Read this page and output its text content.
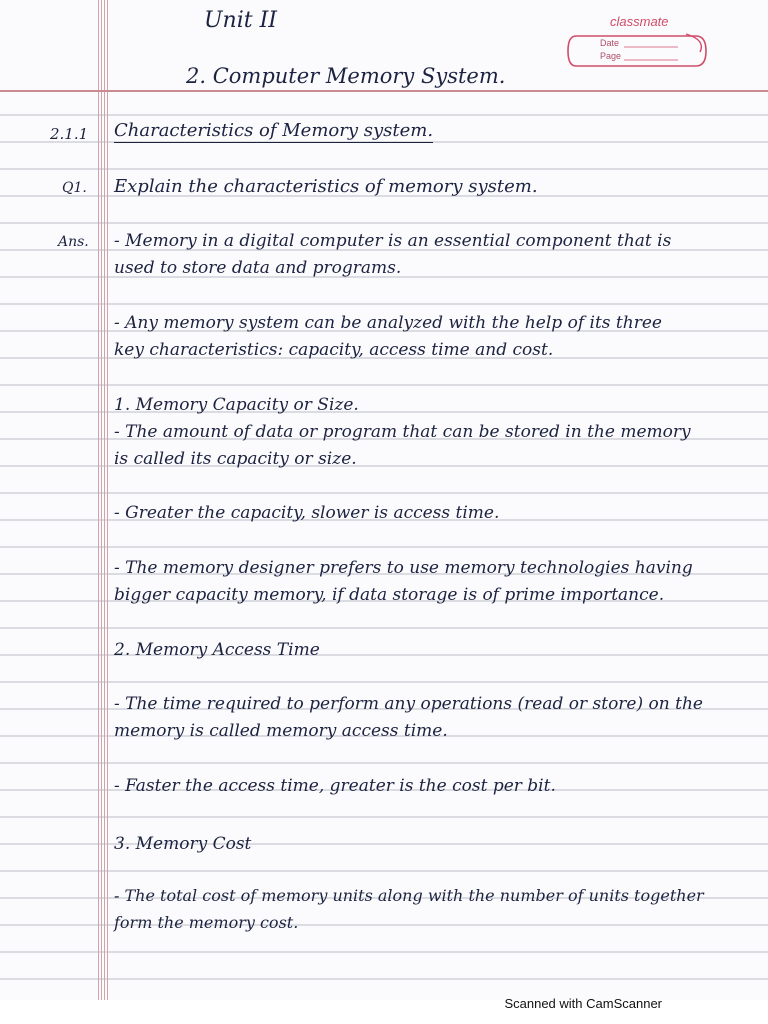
classmate
Date
Page
Unit II
2. Computer Memory System.
2.1.1 Characteristics of Memory system.
Q1. Explain the characteristics of memory system.
Ans. - Memory in a digital computer is an essential component that is
used to store data and programs.
- Any memory system can be analyzed with the help of its three
key characteristics: capacity, access time and cost.
1. Memory Capacity or Size.
- The amount of data or program that can be stored in the memory
is called its capacity or size.
- Greater the capacity, slower is access time.
- The memory designer prefers to use memory technologies having
bigger capacity memory, if data storage is of prime importance.
2. Memory Access Time
- The time required to perform any operations (read or store) on the
memory is called memory access time.
- Faster the access time, greater is the cost per bit.
3. Memory Cost
- The total cost of memory units along with the number of units together
form the memory cost.
Scanned with CamScanner
